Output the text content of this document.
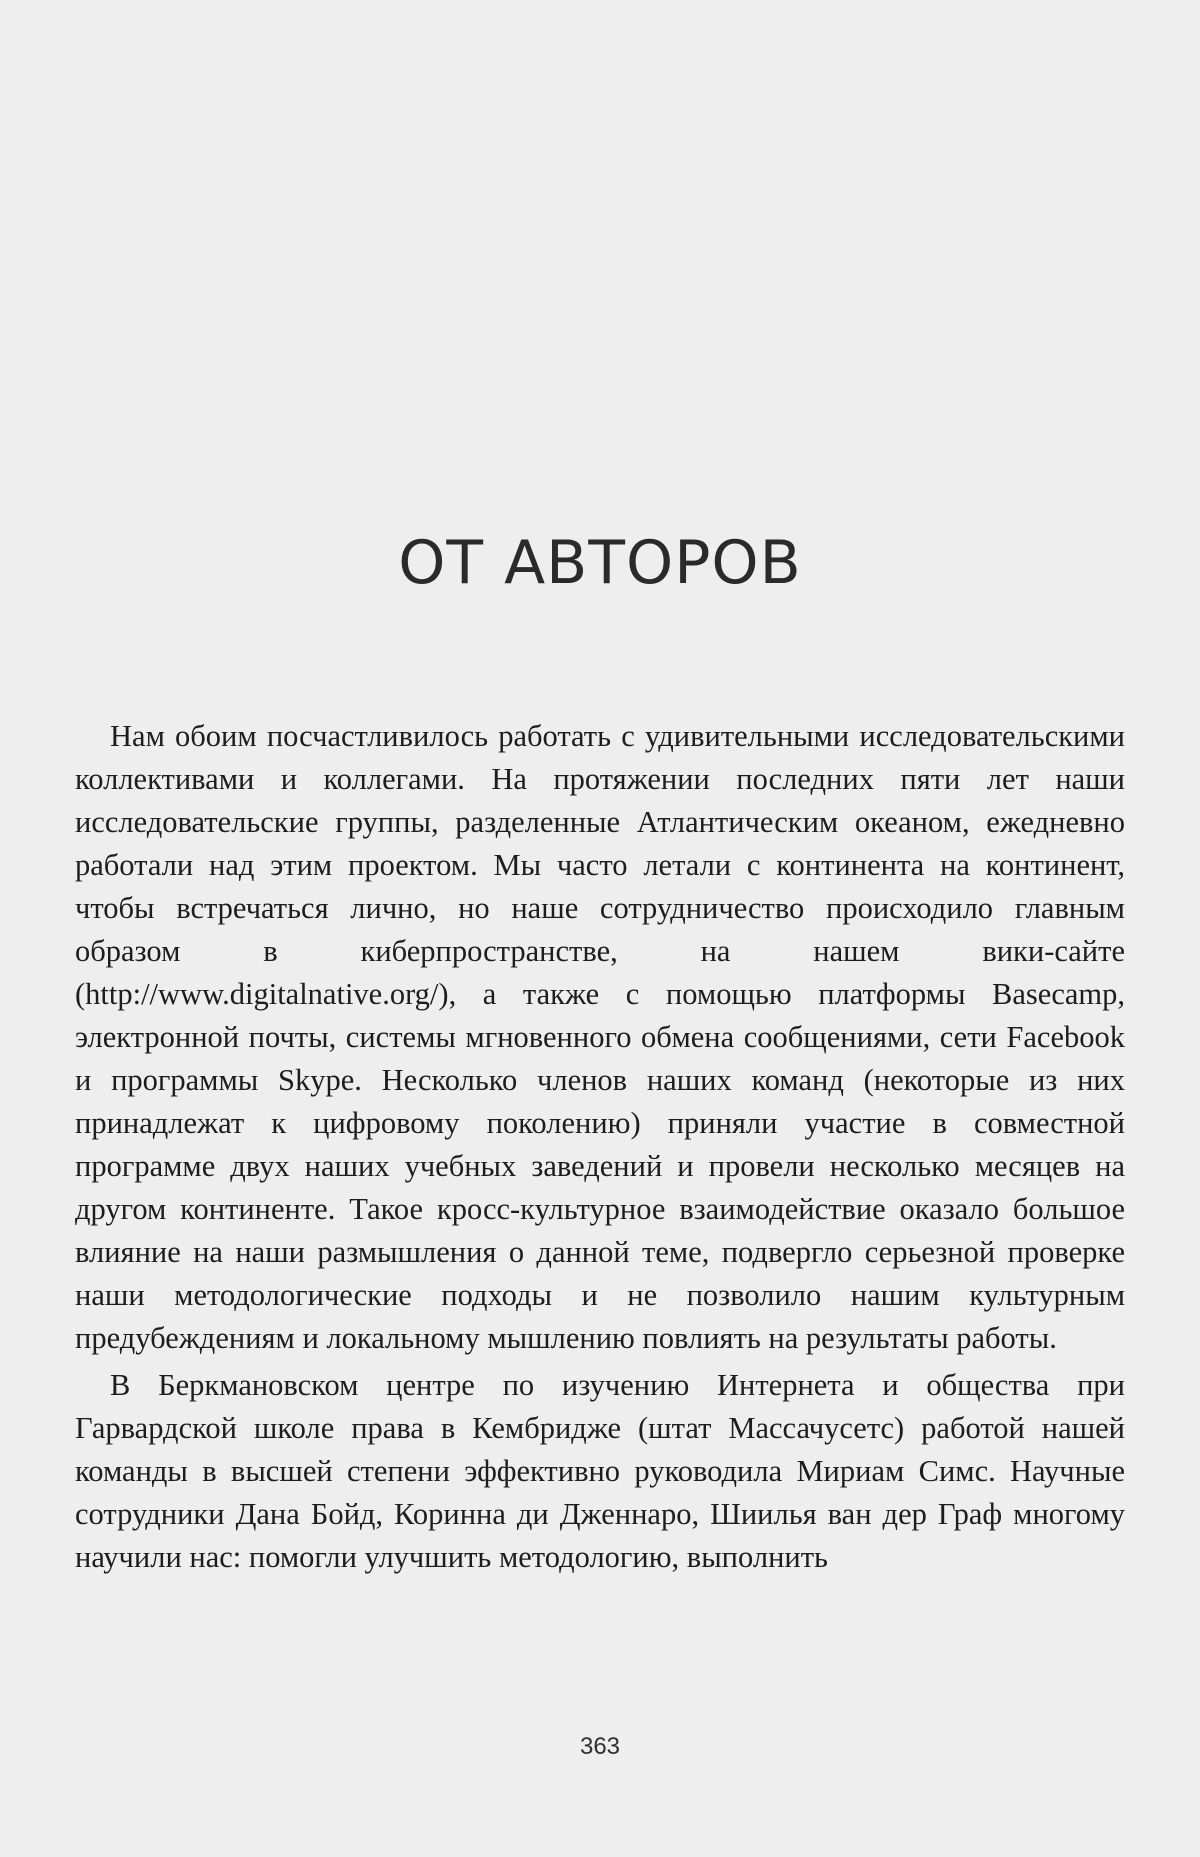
ОТ АВТОРОВ

Нам обоим посчастливилось работать с удивительными исследовательскими коллективами и коллегами. На протяжении последних пяти лет наши исследовательские группы, разделенные Атлантическим океаном, ежедневно работали над этим проектом. Мы часто летали с континента на континент, чтобы встречаться лично, но наше сотрудничество происходило главным образом в киберпространстве, на нашем вики-сайте (http://www.digitalnative.org/), а также с помощью платформы Basecamp, электронной почты, системы мгновенного обмена сообщениями, сети Facebook и программы Skype. Несколько членов наших команд (некоторые из них принадлежат к цифровому поколению) приняли участие в совместной программе двух наших учебных заведений и провели несколько месяцев на другом континенте. Такое кросс-культурное взаимодействие оказало большое влияние на наши размышления о данной теме, подвергло серьезной проверке наши методологические подходы и не позволило нашим культурным предубеждениям и локальному мышлению повлиять на результаты работы.

В Беркмановском центре по изучению Интернета и общества при Гарвардской школе права в Кембридже (штат Массачусетс) работой нашей команды в высшей степени эффективно руководила Мириам Симс. Научные сотрудники Дана Бойд, Коринна ди Дженнаро, Шиилья ван дер Граф многому научили нас: помогли улучшить методологию, выполнить

363
